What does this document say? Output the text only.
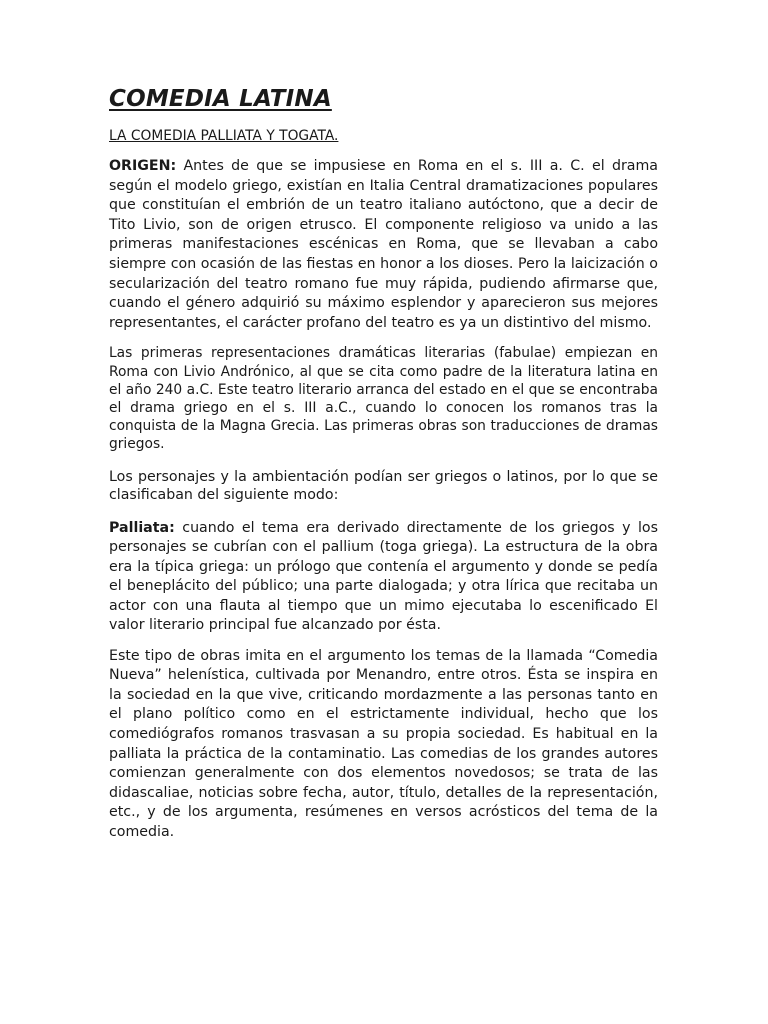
COMEDIA LATINA
LA COMEDIA PALLIATA Y TOGATA.

ORIGEN: Antes de que se impusiese en Roma en el s. III a. C. el drama según el modelo griego, existían en Italia Central dramatizaciones populares que constituían el embrión de un teatro italiano autóctono, que a decir de Tito Livio, son de origen etrusco. El componente religioso va unido a las primeras manifestaciones escénicas en Roma, que se llevaban a cabo siempre con ocasión de las fiestas en honor a los dioses. Pero la laicización o secularización del teatro romano fue muy rápida, pudiendo afirmarse que, cuando el género adquirió su máximo esplendor y aparecieron sus mejores representantes, el carácter profano del teatro es ya un distintivo del mismo.

Las primeras representaciones dramáticas literarias (fabulae) empiezan en Roma con Livio Andrónico, al que se cita como padre de la literatura latina en el año 240 a.C. Este teatro literario arranca del estado en el que se encontraba el drama griego en el s. III a.C., cuando lo conocen los romanos tras la conquista de la Magna Grecia. Las primeras obras son traducciones de dramas griegos.

Los personajes y la ambientación podían ser griegos o latinos, por lo que se clasificaban del siguiente modo:

Palliata: cuando el tema era derivado directamente de los griegos y los personajes se cubrían con el pallium (toga griega). La estructura de la obra era la típica griega: un prólogo que contenía el argumento y donde se pedía el beneplácito del público; una parte dialogada; y otra lírica que recitaba un actor con una flauta al tiempo que un mimo ejecutaba lo escenificado El valor literario principal fue alcanzado por ésta.

Este tipo de obras imita en el argumento los temas de la llamada “Comedia Nueva” helenística, cultivada por Menandro, entre otros. Ésta se inspira en la sociedad en la que vive, criticando mordazmente a las personas tanto en el plano político como en el estrictamente individual, hecho que los comediógrafos romanos trasvasan a su propia sociedad. Es habitual en la palliata la práctica de la contaminatio. Las comedias de los grandes autores comienzan generalmente con dos elementos novedosos; se trata de las didascaliae, noticias sobre fecha, autor, título, detalles de la representación, etc., y de los argumenta, resúmenes en versos acrósticos del tema de la comedia.
